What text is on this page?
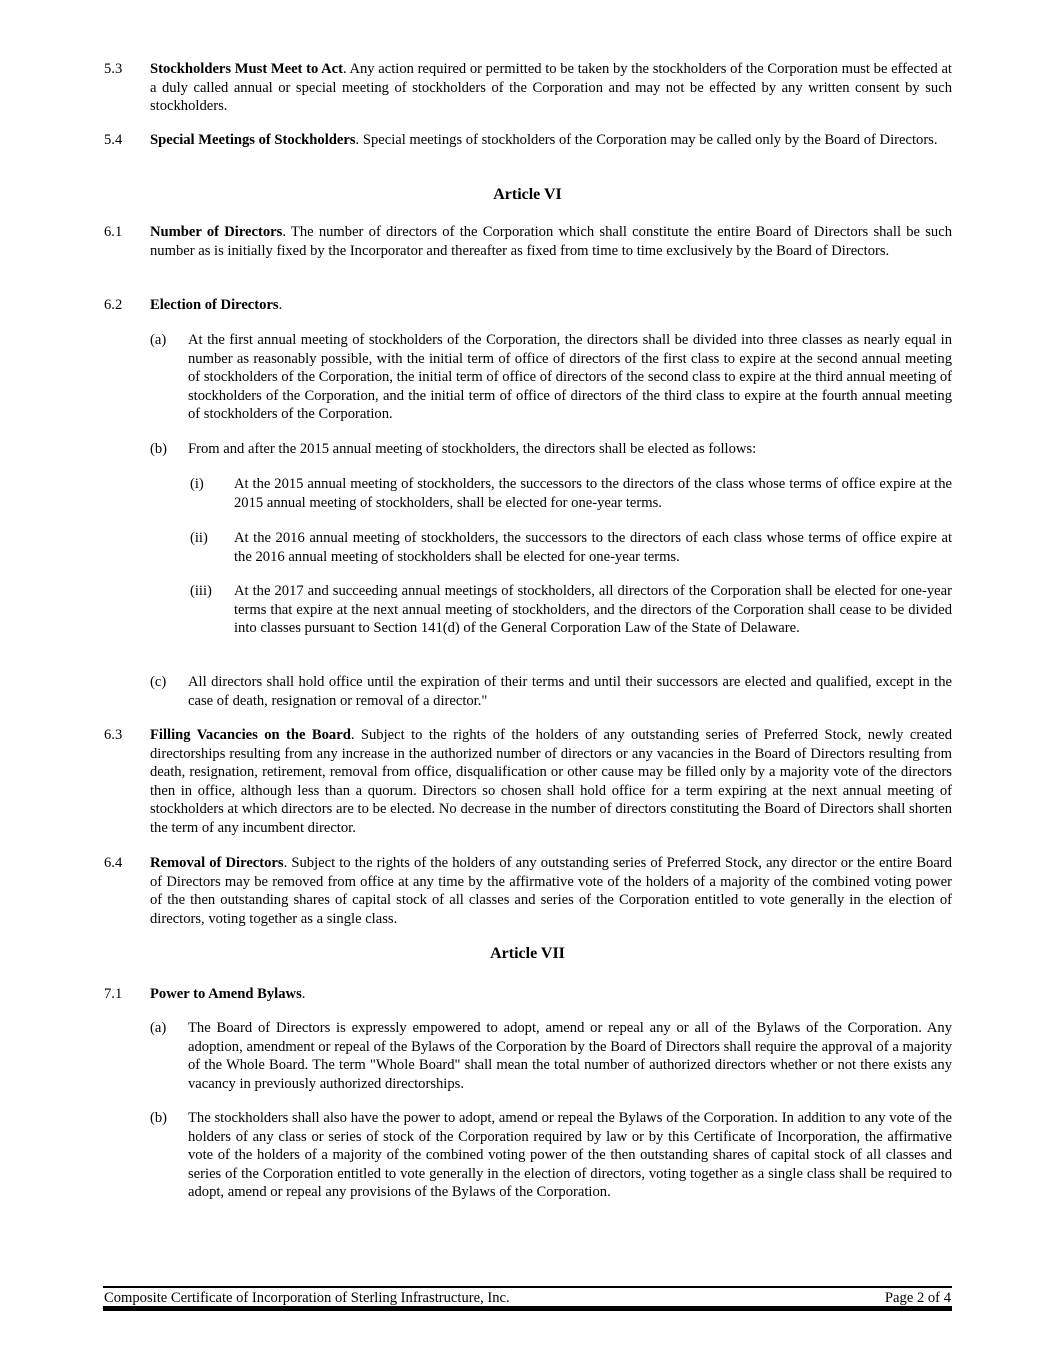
5.3 Stockholders Must Meet to Act. Any action required or permitted to be taken by the stockholders of the Corporation must be effected at a duly called annual or special meeting of stockholders of the Corporation and may not be effected by any written consent by such stockholders.
5.4 Special Meetings of Stockholders. Special meetings of stockholders of the Corporation may be called only by the Board of Directors.
Article VI
6.1 Number of Directors. The number of directors of the Corporation which shall constitute the entire Board of Directors shall be such number as is initially fixed by the Incorporator and thereafter as fixed from time to time exclusively by the Board of Directors.
6.2 Election of Directors.
(a) At the first annual meeting of stockholders of the Corporation, the directors shall be divided into three classes as nearly equal in number as reasonably possible, with the initial term of office of directors of the first class to expire at the second annual meeting of stockholders of the Corporation, the initial term of office of directors of the second class to expire at the third annual meeting of stockholders of the Corporation, and the initial term of office of directors of the third class to expire at the fourth annual meeting of stockholders of the Corporation.
(b) From and after the 2015 annual meeting of stockholders, the directors shall be elected as follows:
(i) At the 2015 annual meeting of stockholders, the successors to the directors of the class whose terms of office expire at the 2015 annual meeting of stockholders, shall be elected for one-year terms.
(ii) At the 2016 annual meeting of stockholders, the successors to the directors of each class whose terms of office expire at the 2016 annual meeting of stockholders shall be elected for one-year terms.
(iii) At the 2017 and succeeding annual meetings of stockholders, all directors of the Corporation shall be elected for one-year terms that expire at the next annual meeting of stockholders, and the directors of the Corporation shall cease to be divided into classes pursuant to Section 141(d) of the General Corporation Law of the State of Delaware.
(c) All directors shall hold office until the expiration of their terms and until their successors are elected and qualified, except in the case of death, resignation or removal of a director."
6.3 Filling Vacancies on the Board. Subject to the rights of the holders of any outstanding series of Preferred Stock, newly created directorships resulting from any increase in the authorized number of directors or any vacancies in the Board of Directors resulting from death, resignation, retirement, removal from office, disqualification or other cause may be filled only by a majority vote of the directors then in office, although less than a quorum. Directors so chosen shall hold office for a term expiring at the next annual meeting of stockholders at which directors are to be elected. No decrease in the number of directors constituting the Board of Directors shall shorten the term of any incumbent director.
6.4 Removal of Directors. Subject to the rights of the holders of any outstanding series of Preferred Stock, any director or the entire Board of Directors may be removed from office at any time by the affirmative vote of the holders of a majority of the combined voting power of the then outstanding shares of capital stock of all classes and series of the Corporation entitled to vote generally in the election of directors, voting together as a single class.
Article VII
7.1 Power to Amend Bylaws.
(a) The Board of Directors is expressly empowered to adopt, amend or repeal any or all of the Bylaws of the Corporation. Any adoption, amendment or repeal of the Bylaws of the Corporation by the Board of Directors shall require the approval of a majority of the Whole Board. The term "Whole Board" shall mean the total number of authorized directors whether or not there exists any vacancy in previously authorized directorships.
(b) The stockholders shall also have the power to adopt, amend or repeal the Bylaws of the Corporation. In addition to any vote of the holders of any class or series of stock of the Corporation required by law or by this Certificate of Incorporation, the affirmative vote of the holders of a majority of the combined voting power of the then outstanding shares of capital stock of all classes and series of the Corporation entitled to vote generally in the election of directors, voting together as a single class shall be required to adopt, amend or repeal any provisions of the Bylaws of the Corporation.
Composite Certificate of Incorporation of Sterling Infrastructure, Inc.	Page 2 of 4
